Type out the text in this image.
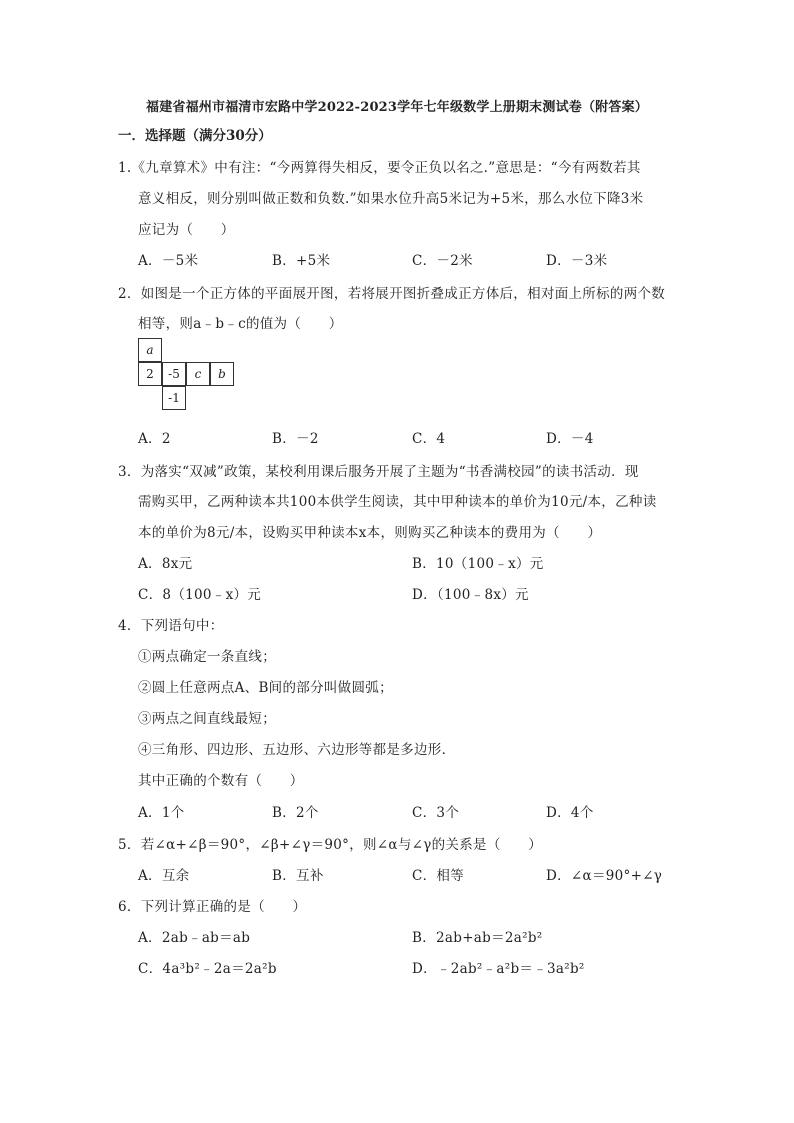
福建省福州市福清市宏路中学2022-2023学年七年级数学上册期末测试卷（附答案）
一．选择题（满分30分）
1.《九章算术》中有注：“今两算得失相反，要令正负以名之.”意思是：“今有两数若其
意义相反，则分别叫做正数和负数.”如果水位升高5米记为+5米，那么水位下降3米
应记为（　　）
A．－5米	B．+5米	C．－2米	D．－3米
2．如图是一个正方体的平面展开图，若将展开图折叠成正方体后，相对面上所标的两个数
相等，则a﹣b﹣c的值为（　　）
a
2	-5	c	b
-1
A．2	B．－2	C．4	D．－4
3．为落实“双减”政策，某校利用课后服务开展了主题为“书香满校园”的读书活动．现
需购买甲，乙两种读本共100本供学生阅读，其中甲种读本的单价为10元/本，乙种读
本的单价为8元/本，设购买甲种读本x本，则购买乙种读本的费用为（　　）
A．8x元	B．10（100﹣x）元
C．8（100﹣x）元	D．（100﹣8x）元
4．下列语句中：
①两点确定一条直线；
②圆上任意两点A、B间的部分叫做圆弧；
③两点之间直线最短；
④三角形、四边形、五边形、六边形等都是多边形．
其中正确的个数有（　　）
A．1个	B．2个	C．3个	D．4个
5．若∠α+∠β＝90°，∠β+∠γ＝90°，则∠α与∠γ的关系是（　　）
A．互余	B．互补	C．相等	D．∠α＝90°+∠γ
6．下列计算正确的是（　　）
A．2ab﹣ab＝ab	B．2ab+ab＝2a²b²
C．4a³b²﹣2a＝2a²b	D．﹣2ab²﹣a²b＝﹣3a²b²
